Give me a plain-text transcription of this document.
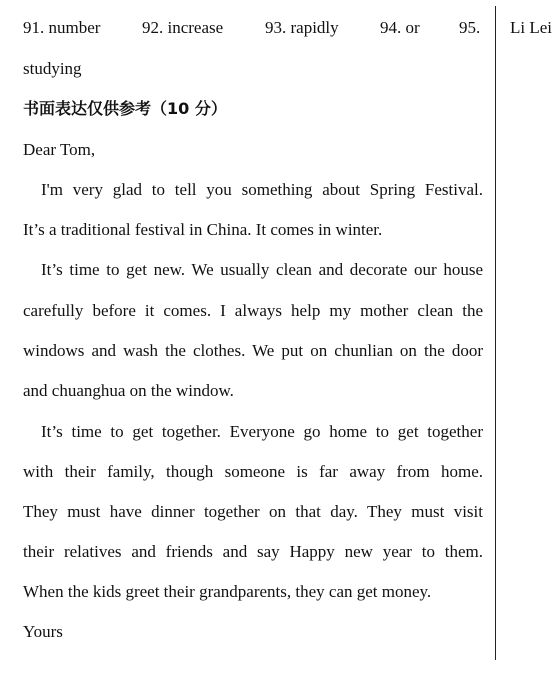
91. number 92. increase 93. rapidly 94. or 95.
studying
书面表达仅供参考（10 分）
Dear Tom,
I'm very glad to tell you something about Spring Festival.
It’s a traditional festival in China. It comes in winter.
It’s time to get new. We usually clean and decorate our house
carefully before it comes. I always help my mother clean the
windows and wash the clothes. We put on chunlian on the door
and chuanghua on the window.
It’s time to get together. Everyone go home to get together
with their family, though someone is far away from home.
They must have dinner together on that day. They must visit
their relatives and friends and say Happy new year to them.
When the kids greet their grandparents, they can get money.
Yours
Li Lei
